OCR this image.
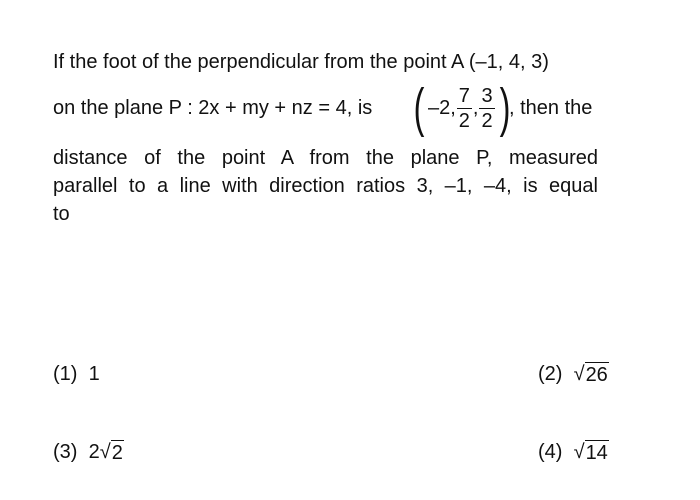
If the foot of the perpendicular from the point A (–1, 4, 3)
on the plane P : 2x + my + nz = 4, is ( –2, $\frac{7}{2}$ , $\frac{3}{2}$ ) , then the
distance of the point A from the plane P, measured
parallel to a line with direction ratios 3, –1, –4, is equal
to
(1) 1	(2) √ 26
(3) 2 √ 2	(4) √ 14
